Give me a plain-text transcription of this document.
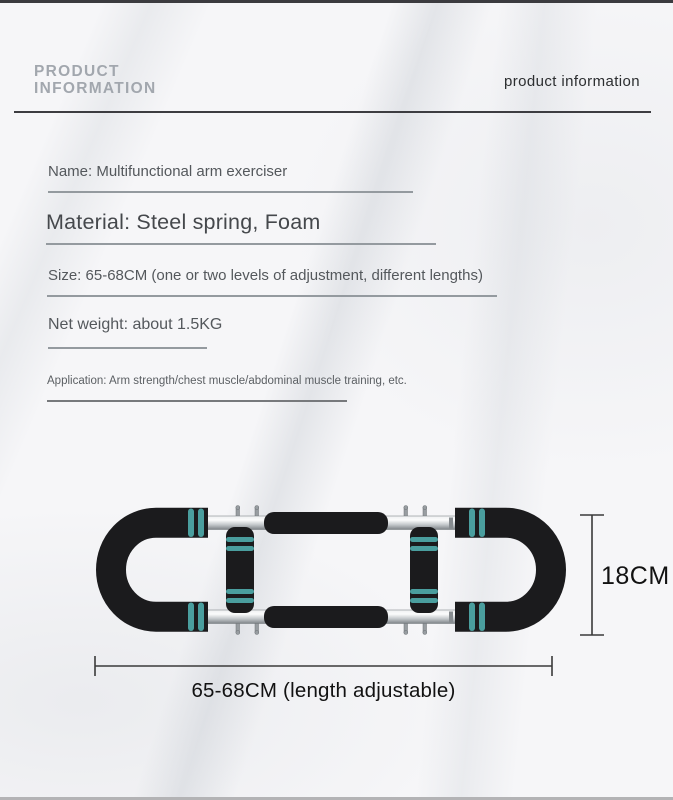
PRODUCT
INFORMATION	product information
Name: Multifunctional arm exerciser
Material: Steel spring, Foam
Size: 65-68CM (one or two levels of adjustment, different lengths)
Net weight: about 1.5KG
Application: Arm strength/chest muscle/abdominal muscle training, etc.
18CM
65-68CM (length adjustable)
